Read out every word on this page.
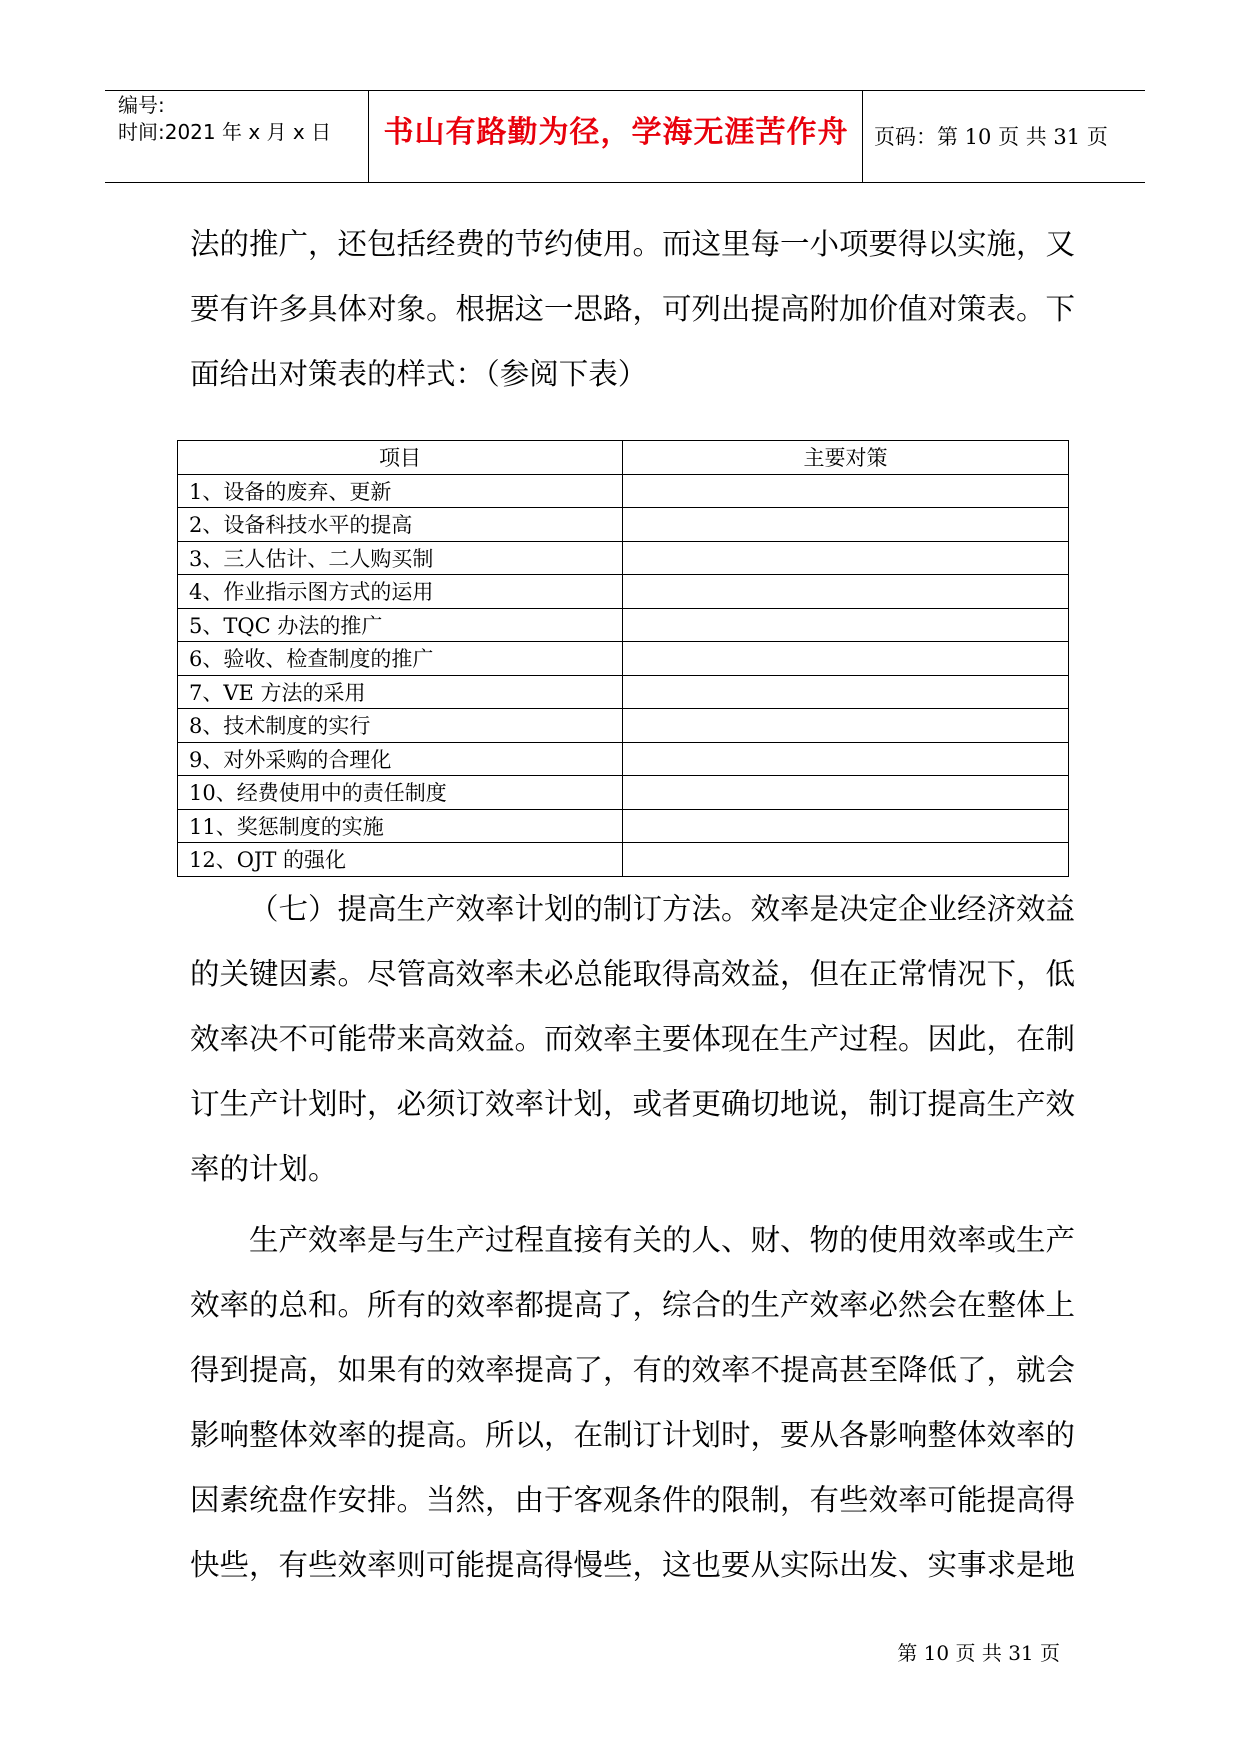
编号:
时间:2021 年 x 月 x 日	书山有路勤为径，学海无涯苦作舟	页码：第 10 页 共 31 页
法的推广，还包括经费的节约使用。而这里每一小项要得以实施，又
要有许多具体对象。根据这一思路，可列出提高附加价值对策表。下
面给出对策表的样式：（参阅下表）
项目	主要对策
1、设备的废弃、更新	
2、设备科技水平的提高	
3、三人估计、二人购买制	
4、作业指示图方式的运用	
5、TQC 办法的推广	
6、验收、检查制度的推广	
7、VE 方法的采用	
8、技术制度的实行	
9、对外采购的合理化	
10、经费使用中的责任制度	
11、奖惩制度的实施	
12、OJT 的强化	
（七）提高生产效率计划的制订方法。效率是决定企业经济效益
的关键因素。尽管高效率未必总能取得高效益，但在正常情况下，低
效率决不可能带来高效益。而效率主要体现在生产过程。因此，在制
订生产计划时，必须订效率计划，或者更确切地说，制订提高生产效
率的计划。
生产效率是与生产过程直接有关的人、财、物的使用效率或生产
效率的总和。所有的效率都提高了，综合的生产效率必然会在整体上
得到提高，如果有的效率提高了，有的效率不提高甚至降低了，就会
影响整体效率的提高。所以，在制订计划时，要从各影响整体效率的
因素统盘作安排。当然，由于客观条件的限制，有些效率可能提高得
快些，有些效率则可能提高得慢些，这也要从实际出发、实事求是地
第 10 页 共 31 页
